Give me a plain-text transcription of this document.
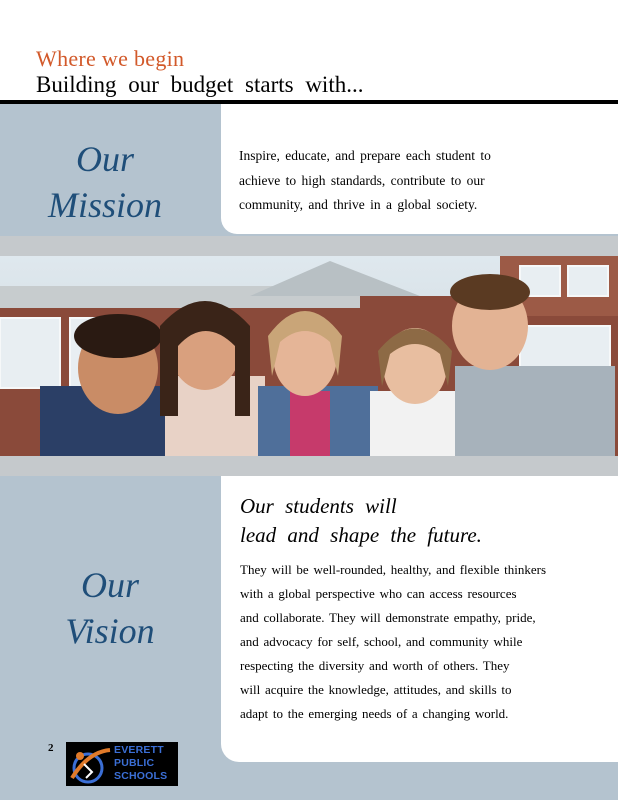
Where we begin
Building our budget starts with...
Our
Mission
Inspire, educate, and prepare each student to
achieve to high standards, contribute to our
community, and thrive in a global society.
Our
Vision
Our students will
lead and shape the future.
They will be well-rounded, healthy, and flexible thinkers
with a global perspective who can access resources
and collaborate. They will demonstrate empathy, pride,
and advocacy for self, school, and community while
respecting the diversity and worth of others. They
will acquire the knowledge, attitudes, and skills to
adapt to the emerging needs of a changing world.
2	EVERETT
PUBLIC
SCHOOLS
